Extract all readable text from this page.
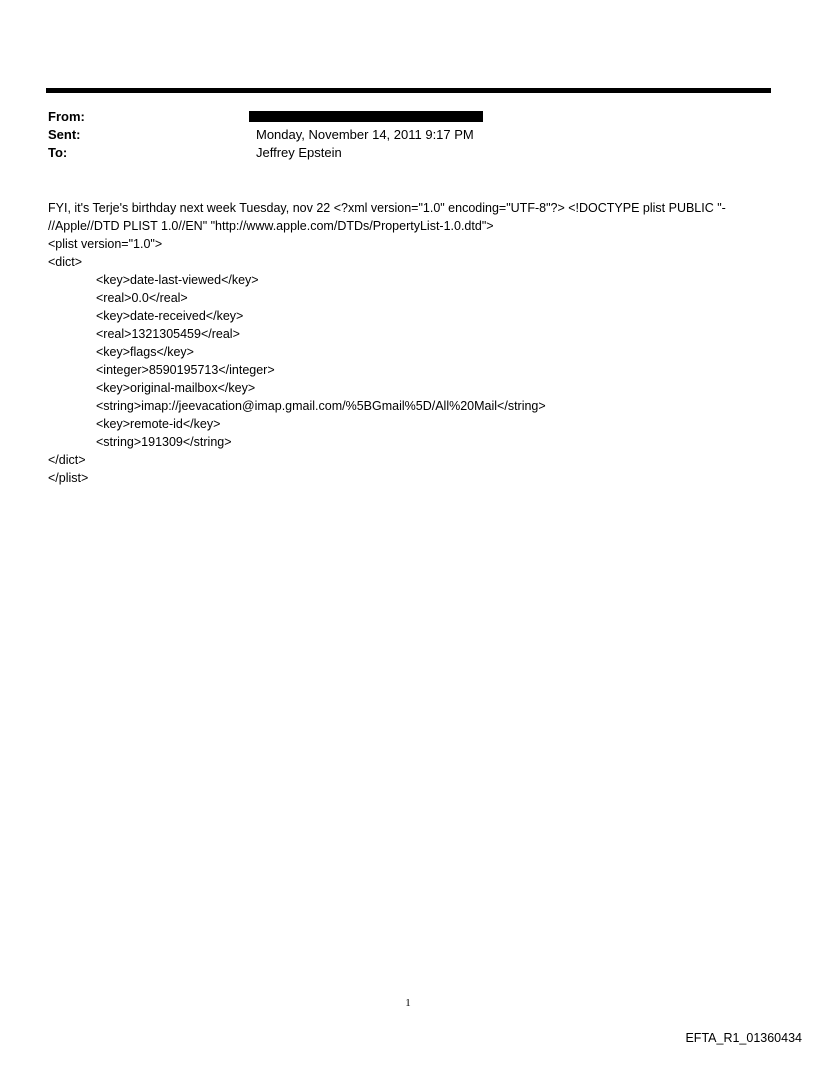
From:
Sent:	Monday, November 14, 2011 9:17 PM
To:	Jeffrey Epstein
FYI, it's Terje's birthday next week Tuesday, nov 22 <?xml version="1.0" encoding="UTF-8"?> <!DOCTYPE plist PUBLIC "-
//Apple//DTD PLIST 1.0//EN" "http://www.apple.com/DTDs/PropertyList-1.0.dtd">
<plist version="1.0">
<dict>
<key>date-last-viewed</key>
<real>0.0</real>
<key>date-received</key>
<real>1321305459</real>
<key>flags</key>
<integer>8590195713</integer>
<key>original-mailbox</key>
<string>imap://jeevacation@imap.gmail.com/%5BGmail%5D/All%20Mail</string>
<key>remote-id</key>
<string>191309</string>
</dict>
</plist>
1
EFTA_R1_01360434
